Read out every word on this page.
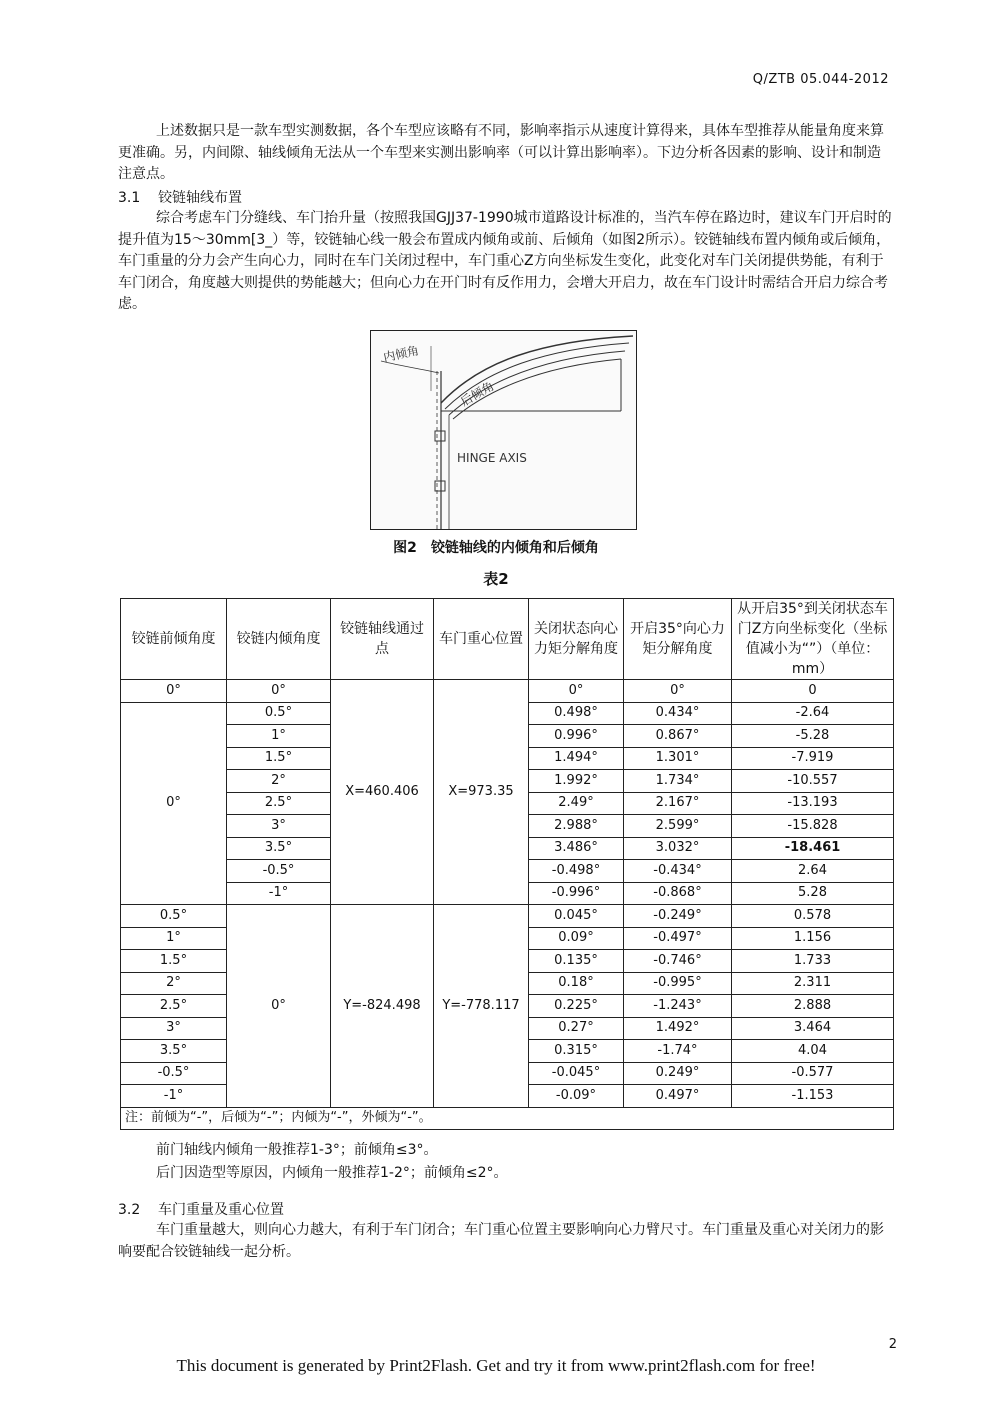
Q/ZTB 05.044-2012

上述数据只是一款车型实测数据，各个车型应该略有不同，影响率指示从速度计算得来，具体车型推荐从能量角度来算更准确。另，内间隙、轴线倾角无法从一个车型来实测出影响率（可以计算出影响率）。下边分析各因素的影响、设计和制造注意点。

3.1 铰链轴线布置

综合考虑车门分缝线、车门抬升量（按照我国GJJ37-1990城市道路设计标准的，当汽车停在路边时，建议车门开启时的提升值为15～30mm[3_）等，铰链轴心线一般会布置成内倾角或前、后倾角（如图2所示）。铰链轴线布置内倾角或后倾角，车门重量的分力会产生向心力，同时在车门关闭过程中，车门重心Z方向坐标发生变化，此变化对车门关闭提供势能，有利于车门闭合，角度越大则提供的势能越大；但向心力在开门时有反作用力，会增大开启力，故在车门设计时需结合开启力综合考虑。

内倾角
后倾角
HINGE AXIS
图2　铰链轴线的内倾角和后倾角
表2
铰链前倾角度	铰链内倾角度	铰链轴线通过点	车门重心位置	关闭状态向心力矩分解角度	开启35°向心力矩分解角度	从开启35°到关闭状态车门Z方向坐标变化（坐标值减小为“”）（单位：mm）
0°	0°	X=460.406	X=973.35	0°	0°	0
0°	0.5°			0.498°	0.434°	-2.64
	1°			0.996°	0.867°	-5.28
	1.5°			1.494°	1.301°	-7.919
	2°			1.992°	1.734°	-10.557
	2.5°			2.49°	2.167°	-13.193
	3°			2.988°	2.599°	-15.828
	3.5°			3.486°	3.032°	-18.461
	-0.5°			-0.498°	-0.434°	2.64
	-1°			-0.996°	-0.868°	5.28
0.5°	0°	Y=-824.498	Y=-778.117	0.045°	-0.249°	0.578
1°				0.09°	-0.497°	1.156
1.5°				0.135°	-0.746°	1.733
2°				0.18°	-0.995°	2.311
2.5°				0.225°	-1.243°	2.888
3°				0.27°	1.492°	3.464
3.5°				0.315°	-1.74°	4.04
-0.5°				-0.045°	0.249°	-0.577
-1°				-0.09°	0.497°	-1.153
注：前倾为“-”，后倾为“-”；内倾为“-”，外倾为“-”。						

前门轴线内倾角一般推荐1-3°；前倾角≤3°。

后门因造型等原因，内倾角一般推荐1-2°；前倾角≤2°。

3.2 车门重量及重心位置

车门重量越大，则向心力越大，有利于车门闭合；车门重心位置主要影响向心力臂尺寸。车门重量及重心对关闭力的影响要配合铰链轴线一起分析。

2
This document is generated by Print2Flash. Get and try it from www.print2flash.com for free!
